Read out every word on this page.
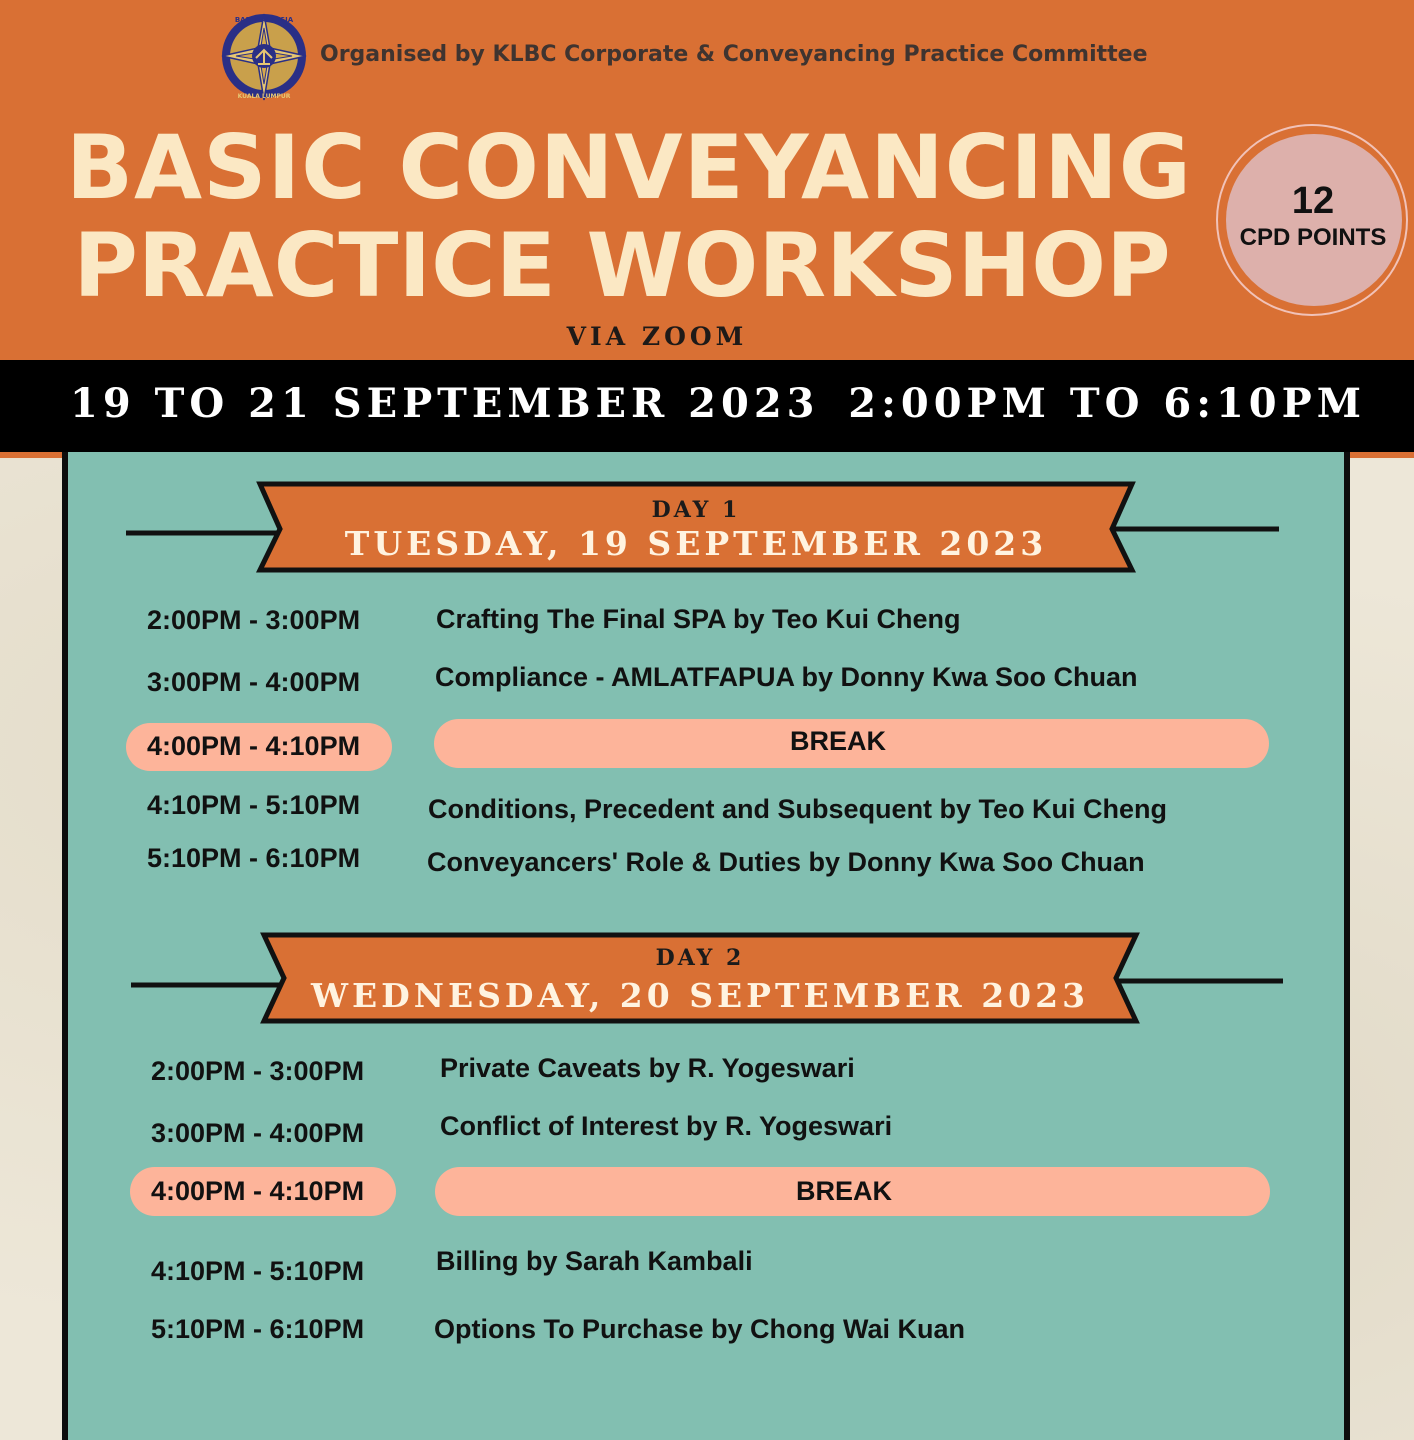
BAR MALAYSIA
KUALA LUMPUR
Organised by KLBC Corporate & Conveyancing Practice Committee
BASIC CONVEYANCING
PRACTICE WORKSHOP
VIA ZOOM
12
CPD POINTS
19 TO 21 SEPTEMBER 2023 2:00PM TO 6:10PM
DAY 1
TUESDAY, 19 SEPTEMBER 2023
DAY 2
WEDNESDAY, 20 SEPTEMBER 2023
2:00PM - 3:00PM	Crafting The Final SPA by Teo Kui Cheng
3:00PM - 4:00PM	Compliance - AMLATFAPUA by Donny Kwa Soo Chuan
4:00PM - 4:10PM	BREAK
4:10PM - 5:10PM	Conditions, Precedent and Subsequent by Teo Kui Cheng
5:10PM - 6:10PM Conveyancers' Role & Duties by Donny Kwa Soo Chuan
2:00PM - 3:00PM	Private Caveats by R. Yogeswari
3:00PM - 4:00PM	Conflict of Interest by R. Yogeswari
4:00PM - 4:10PM	BREAK
4:10PM - 5:10PM	Billing by Sarah Kambali
5:10PM - 6:10PM	Options To Purchase by Chong Wai Kuan
